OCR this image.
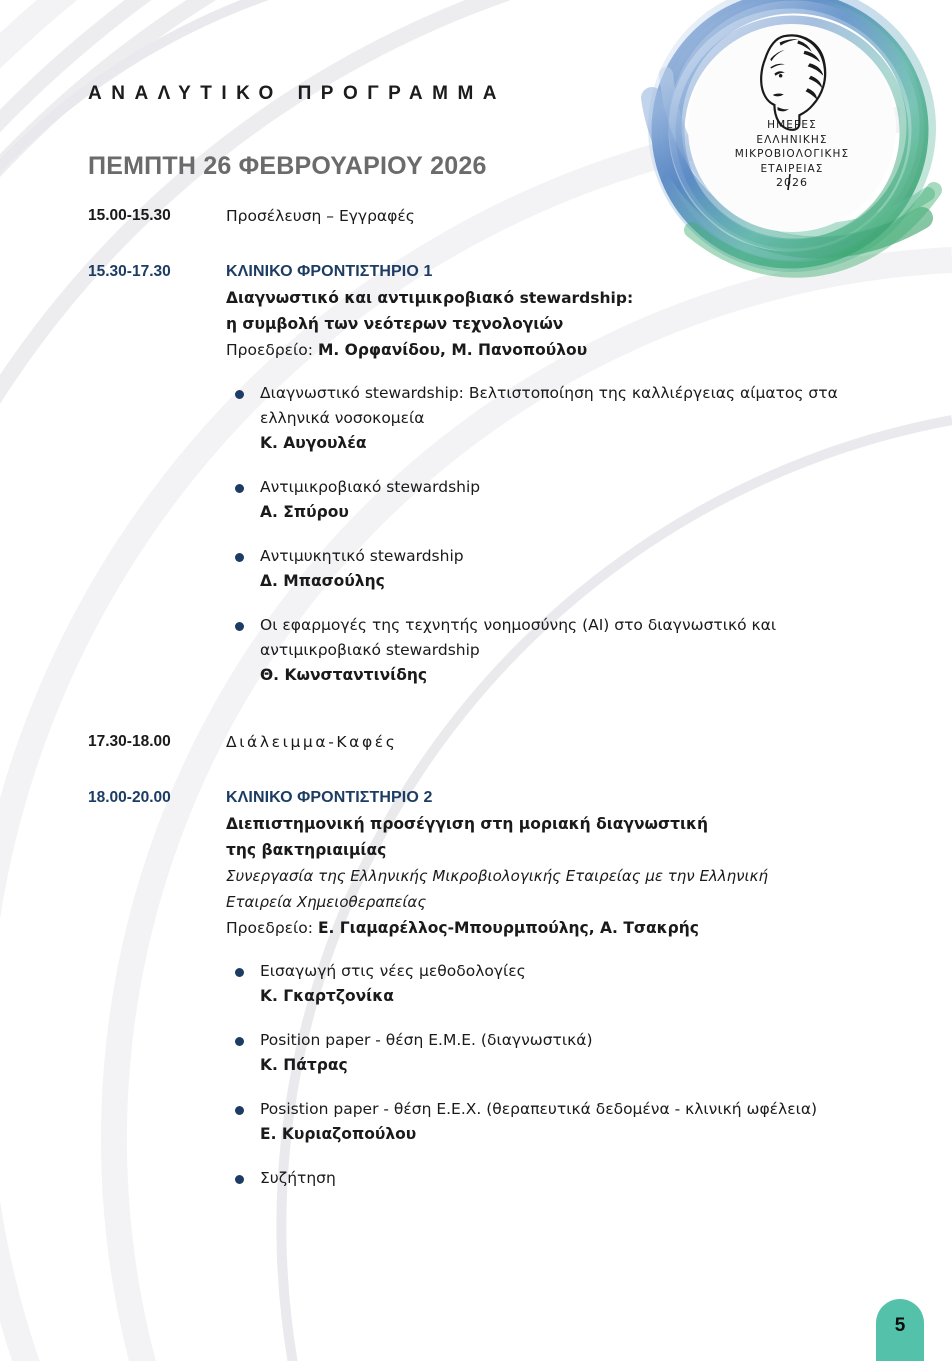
ΗΜΕΡΕΣ
ΕΛΛΗΝΙΚΗΣ
ΜΙΚΡΟΒΙΟΛΟΓΙΚΗΣ
ΕΤΑΙΡΕΙΑΣ
2026
ΑΝΑΛΥΤΙΚΟ ΠΡΟΓΡΑΜΜΑ
ΠΕΜΠΤΗ 26 ΦΕΒΡΟΥΑΡΙΟΥ 2026
15.00-15.30	Προσέλευση – Εγγραφές
15.30-17.30	ΚΛΙΝΙΚΟ ΦΡΟΝΤΙΣΤΗΡΙΟ 1
Διαγνωστικό και αντιμικροβιακό stewardship:
η συμβολή των νεότερων τεχνολογιών
Προεδρείο: Μ. Ορφανίδου, Μ. Πανοπούλου
Διαγνωστικό stewardship: Βελτιστοποίηση της καλλιέργειας αίματος στα ελληνικά νοσοκομεία
Κ. Αυγουλέα
Αντιμικροβιακό stewardship
Α. Σπύρου
Αντιμυκητικό stewardship
Δ. Μπασούλης
Οι εφαρμογές της τεχνητής νοημοσύνης (ΑΙ) στο διαγνωστικό και αντιμικροβιακό stewardship
Θ. Κωνσταντινίδης
17.30-18.00	Διάλειμμα-Καφές
18.00-20.00	ΚΛΙΝΙΚΟ ΦΡΟΝΤΙΣΤΗΡΙΟ 2
Διεπιστημονική προσέγγιση στη μοριακή διαγνωστική
της βακτηριαιμίας
Συνεργασία της Ελληνικής Μικροβιολογικής Εταιρείας με την Ελληνική
Εταιρεία Χημειοθεραπείας
Προεδρείο: Ε. Γιαμαρέλλος-Μπουρμπούλης, Α. Τσακρής
Εισαγωγή στις νέες μεθοδολογίες
Κ. Γκαρτζονίκα
Position paper - θέση Ε.Μ.Ε. (διαγνωστικά)
Κ. Πάτρας
Posistion paper - θέση Ε.Ε.Χ. (θεραπευτικά δεδομένα - κλινική ωφέλεια)
Ε. Κυριαζοπούλου
Συζήτηση
5
